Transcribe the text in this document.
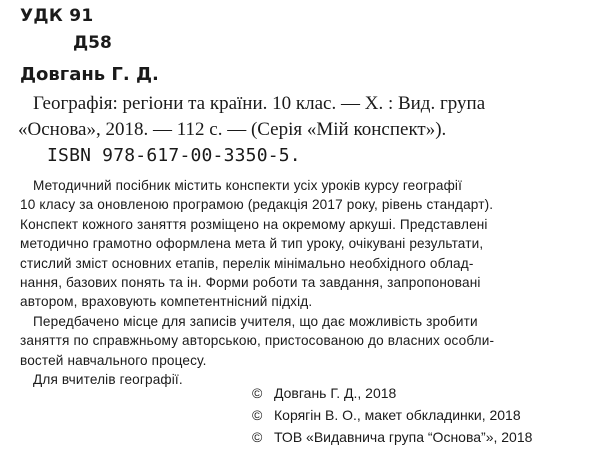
УДК 91
Д58
Довгань Г. Д.
Географія: регіони та країни. 10 клас. — Х. : Вид. група
«Основа», 2018. — 112 с. — (Серія «Мій конспект»).
ISBN 978-617-00-3350-5.
Методичний посібник містить конспекти усіх уроків курсу географії
10 класу за оновленою програмою (редакція 2017 року, рівень стандарт).
Конспект кожного заняття розміщено на окремому аркуші. Представлені
методично грамотно оформлена мета й тип уроку, очікувані результати,
стислий зміст основних етапів, перелік мінімально необхідного облад-
нання, базових понять та ін. Форми роботи та завдання, запропоновані
автором, враховують компетентнісний підхід.
Передбачено місце для записів учителя, що дає можливість зробити
заняття по справжньому авторською, пристосованою до власних особли-
востей навчального процесу.
Для вчителів географії.
© Довгань Г. Д., 2018
© Корягін В. О., макет обкладинки, 2018
© ТОВ «Видавнича група “Основа”», 2018
